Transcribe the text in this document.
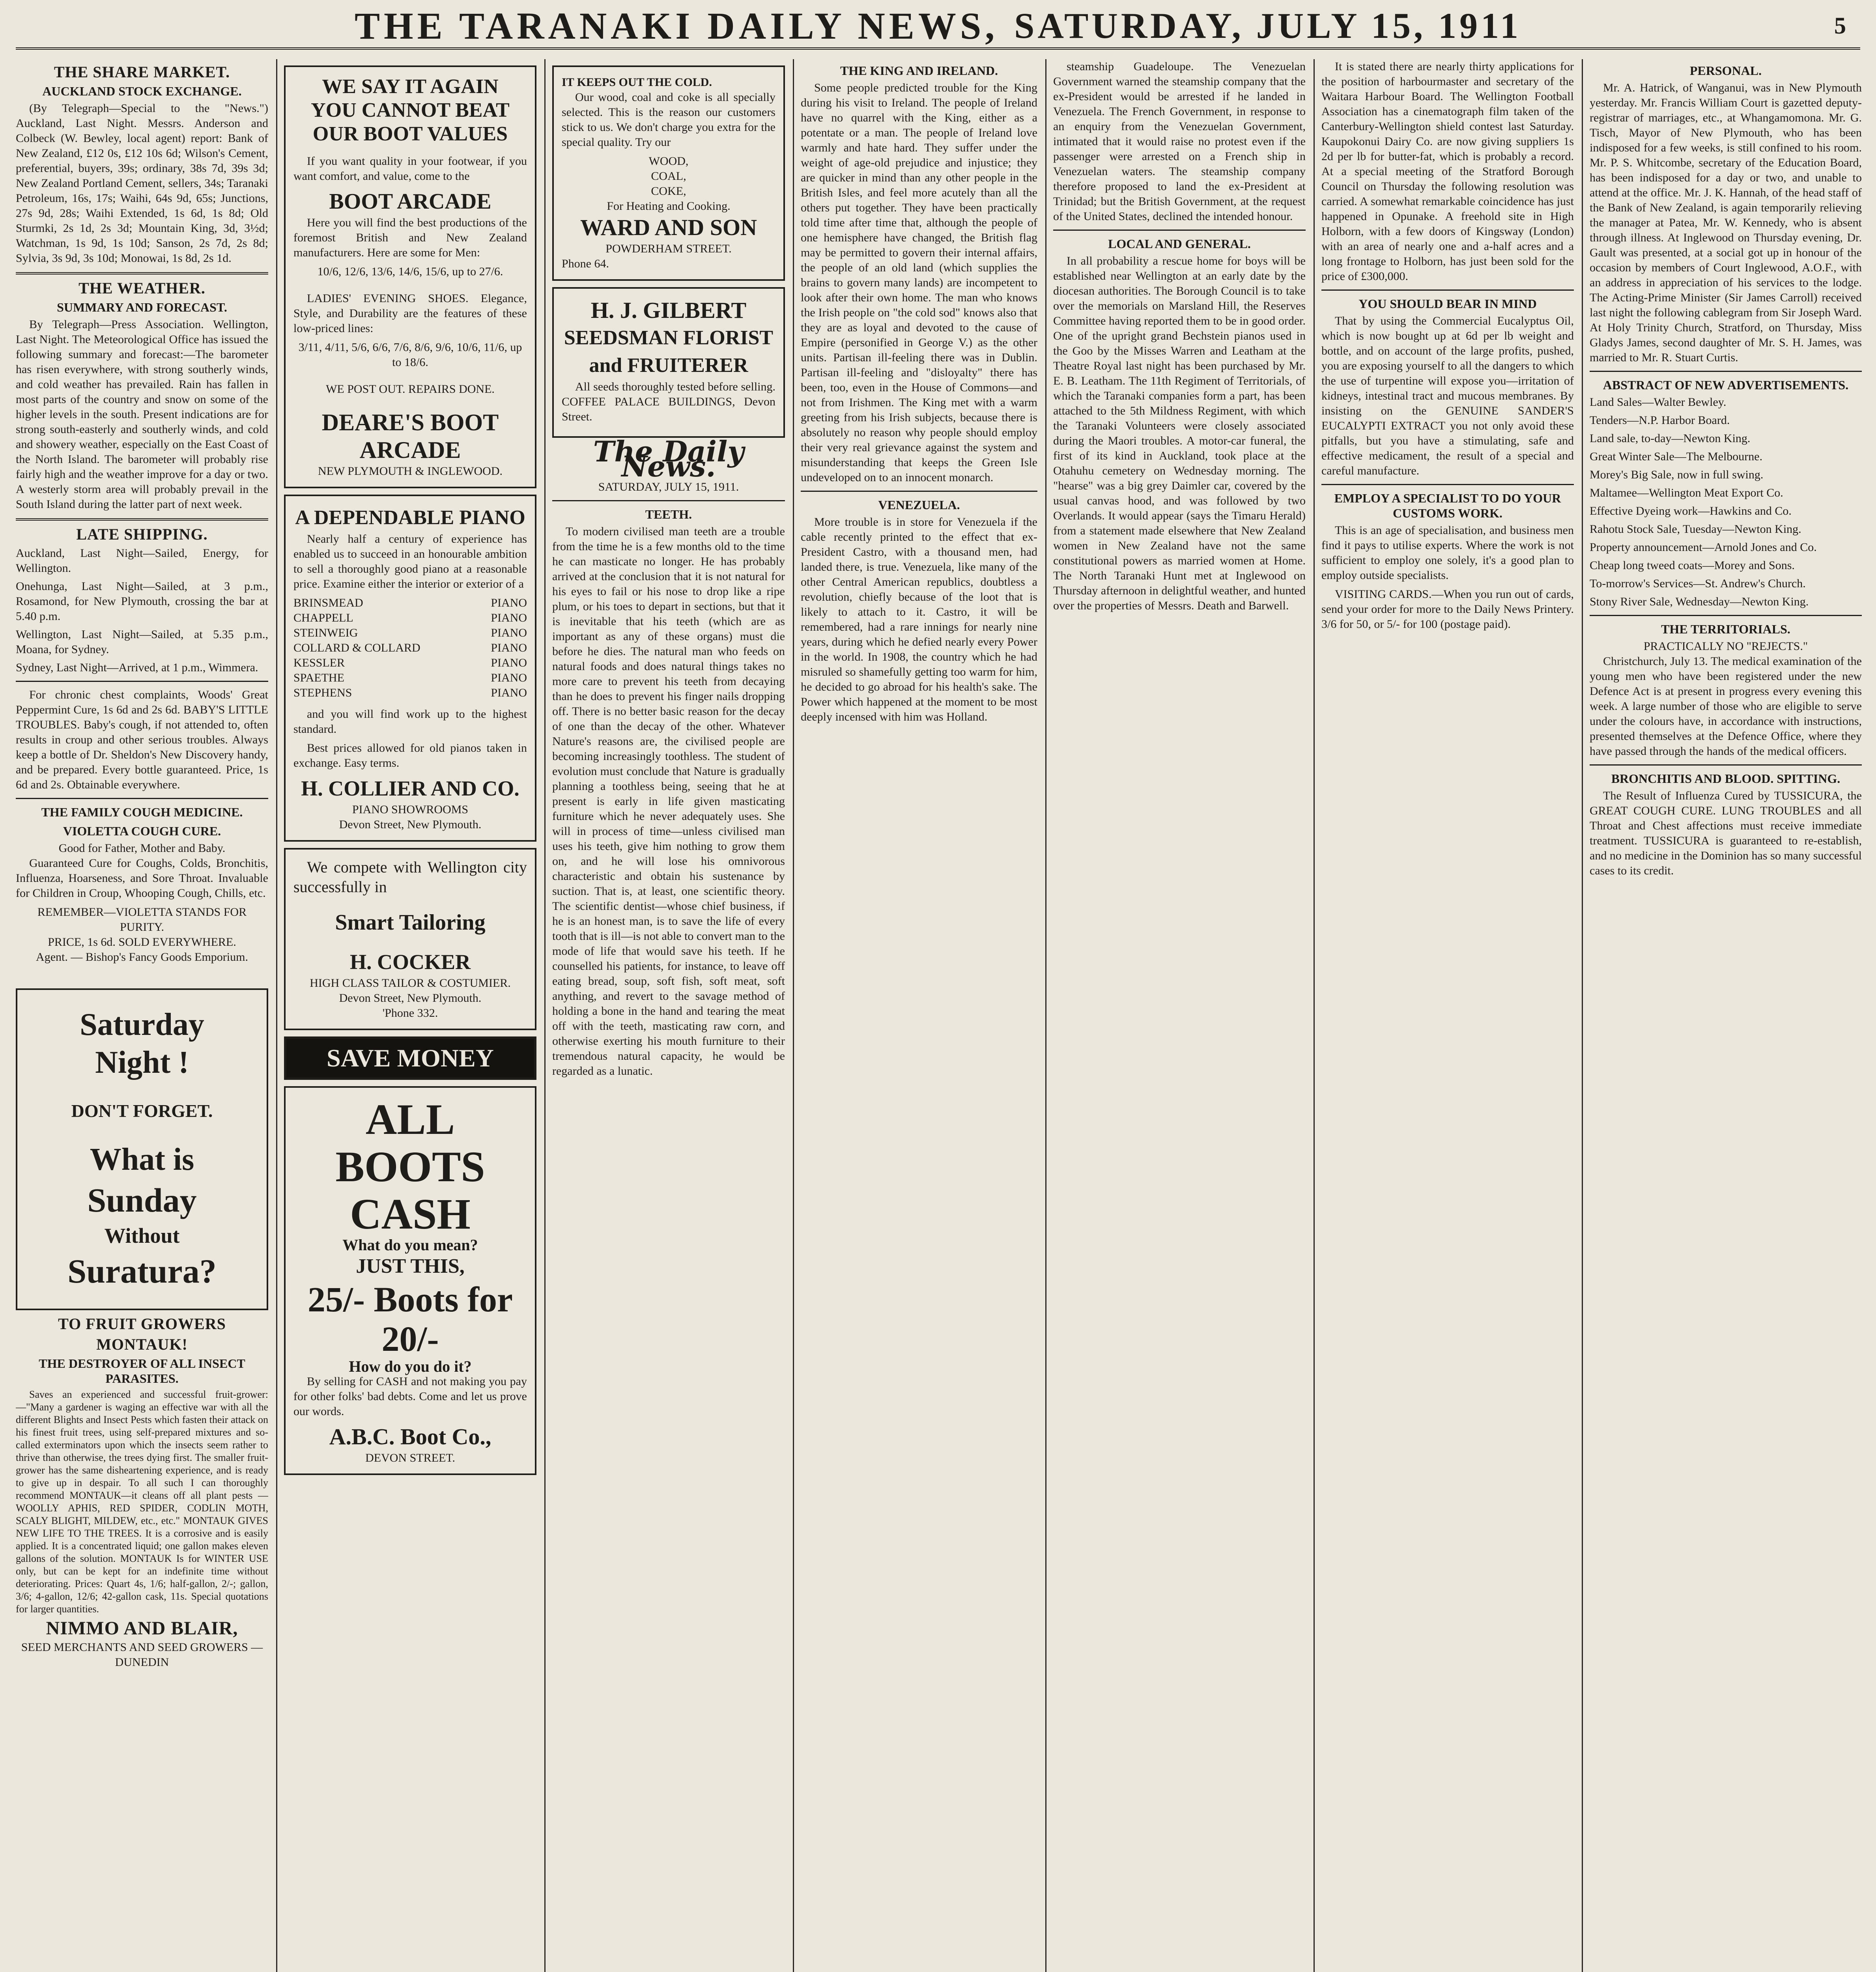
THE TARANAKI DAILY NEWS, SATURDAY, JULY 15, 1911	5
THE SHARE MARKET.
AUCKLAND STOCK EXCHANGE.

(By Telegraph—Special to the "News.") Auckland, Last Night. Messrs. Anderson and Colbeck (W. Bewley, local agent) report: Bank of New Zealand, £12 0s, £12 10s 6d; Wilson's Cement, preferential, buyers, 39s; ordinary, 38s 7d, 39s 3d; New Zealand Portland Cement, sellers, 34s; Taranaki Petroleum, 16s, 17s; Waihi, 64s 9d, 65s; Junctions, 27s 9d, 28s; Waihi Extended, 1s 6d, 1s 8d; Old Sturmki, 2s 1d, 2s 3d; Mountain King, 3d, 3½d; Watchman, 1s 9d, 1s 10d; Sanson, 2s 7d, 2s 8d; Sylvia, 3s 9d, 3s 10d; Monowai, 1s 8d, 2s 1d.

THE WEATHER.
SUMMARY AND FORECAST.

By Telegraph—Press Association. Wellington, Last Night. The Meteorological Office has issued the following summary and forecast:—The barometer has risen everywhere, with strong southerly winds, and cold weather has prevailed. Rain has fallen in most parts of the country and snow on some of the higher levels in the south. Present indications are for strong south-easterly and southerly winds, and cold and showery weather, especially on the East Coast of the North Island. The barometer will probably rise fairly high and the weather improve for a day or two. A westerly storm area will probably prevail in the South Island during the latter part of next week.

LATE SHIPPING.
Auckland, Last Night—Sailed, Energy, for Wellington.
Onehunga, Last Night—Sailed, at 3 p.m., Rosamond, for New Plymouth, crossing the bar at 5.40 p.m.
Wellington, Last Night—Sailed, at 5.35 p.m., Moana, for Sydney.
Sydney, Last Night—Arrived, at 1 p.m., Wimmera.

For chronic chest complaints, Woods' Great Peppermint Cure, 1s 6d and 2s 6d. BABY'S LITTLE TROUBLES. Baby's cough, if not attended to, often results in croup and other serious troubles. Always keep a bottle of Dr. Sheldon's New Discovery handy, and be prepared. Every bottle guaranteed. Price, 1s 6d and 2s. Obtainable everywhere.

THE FAMILY COUGH MEDICINE.
VIOLETTA COUGH CURE.
Good for Father, Mother and Baby.

Guaranteed Cure for Coughs, Colds, Bronchitis, Influenza, Hoarseness, and Sore Throat. Invaluable for Children in Croup, Whooping Cough, Chills, etc.

REMEMBER—VIOLETTA STANDS FOR PURITY.
PRICE, 1s 6d. SOLD EVERYWHERE.
Agent. — Bishop's Fancy Goods Emporium.
Saturday
Night !
DON'T FORGET.
What is
Sunday
Without
Suratura?
TO FRUIT GROWERS
MONTAUK!
THE DESTROYER OF ALL INSECT PARASITES.

Saves an experienced and successful fruit-grower:—"Many a gardener is waging an effective war with all the different Blights and Insect Pests which fasten their attack on his finest fruit trees, using self-prepared mixtures and so-called exterminators upon which the insects seem rather to thrive than otherwise, the trees dying first. The smaller fruit-grower has the same disheartening experience, and is ready to give up in despair. To all such I can thoroughly recommend MONTAUK—it cleans off all plant pests —WOOLLY APHIS, RED SPIDER, CODLIN MOTH, SCALY BLIGHT, MILDEW, etc., etc." MONTAUK GIVES NEW LIFE TO THE TREES. It is a corrosive and is easily applied. It is a concentrated liquid; one gallon makes eleven gallons of the solution. MONTAUK Is for WINTER USE only, but can be kept for an indefinite time without deteriorating. Prices: Quart 4s, 1/6; half-gallon, 2/-; gallon, 3/6; 4-gallon, 12/6; 42-gallon cask, 11s. Special quotations for larger quantities.

NIMMO AND BLAIR,
SEED MERCHANTS AND SEED GROWERS — DUNEDIN
WE SAY IT AGAIN
YOU CANNOT BEAT
OUR BOOT VALUES

If you want quality in your footwear, if you want comfort, and value, come to the

BOOT ARCADE

Here you will find the best productions of the foremost British and New Zealand manufacturers. Here are some for Men:

10/6, 12/6, 13/6, 14/6, 15/6, up to 27/6.

LADIES' EVENING SHOES. Elegance, Style, and Durability are the features of these low-priced lines:

3/11, 4/11, 5/6, 6/6, 7/6, 8/6, 9/6, 10/6, 11/6, up to 18/6.
WE POST OUT. REPAIRS DONE.
DEARE'S BOOT ARCADE
NEW PLYMOUTH & INGLEWOOD.
A DEPENDABLE PIANO

Nearly half a century of experience has enabled us to succeed in an honourable ambition to sell a thoroughly good piano at a reasonable price. Examine either the interior or exterior of a

BRINSMEAD	PIANO
CHAPPELL	PIANO
STEINWEIG	PIANO
COLLARD & COLLARD	PIANO
KESSLER	PIANO
SPAETHE	PIANO
STEPHENS	PIANO

and you will find work up to the highest standard.

Best prices allowed for old pianos taken in exchange. Easy terms.

H. COLLIER AND CO.
PIANO SHOWROOMS
Devon Street, New Plymouth.

We compete with Wellington city successfully in

Smart Tailoring
H. COCKER
HIGH CLASS TAILOR & COSTUMIER.
Devon Street, New Plymouth.
'Phone 332.
SAVE MONEY
ALL
BOOTS
CASH
What do you mean?
JUST THIS,
25/- Boots for 20/-
How do you do it?

By selling for CASH and not making you pay for other folks' bad debts. Come and let us prove our words.

A.B.C. Boot Co.,
DEVON STREET.
IT KEEPS OUT THE COLD.

Our wood, coal and coke is all specially selected. This is the reason our customers stick to us. We don't charge you extra for the special quality. Try our

WOOD,
COAL,
COKE,
For Heating and Cooking.
WARD AND SON
POWDERHAM STREET.
Phone 64.
H. J. GILBERT
SEEDSMAN FLORIST and FRUITERER

All seeds thoroughly tested before selling. COFFEE PALACE BUILDINGS, Devon Street.

The Daily News.
SATURDAY, JULY 15, 1911.
TEETH.

To modern civilised man teeth are a trouble from the time he is a few months old to the time he can masticate no longer. He has probably arrived at the conclusion that it is not natural for his eyes to fail or his nose to drop like a ripe plum, or his toes to depart in sections, but that it is inevitable that his teeth (which are as important as any of these organs) must die before he dies. The natural man who feeds on natural foods and does natural things takes no more care to prevent his teeth from decaying than he does to prevent his finger nails dropping off. There is no better basic reason for the decay of one than the decay of the other. Whatever Nature's reasons are, the civilised people are becoming increasingly toothless. The student of evolution must conclude that Nature is gradually planning a toothless being, seeing that he at present is early in life given masticating furniture which he never adequately uses. She will in process of time—unless civilised man uses his teeth, give him nothing to grow them on, and he will lose his omnivorous characteristic and obtain his sustenance by suction. That is, at least, one scientific theory. The scientific dentist—whose chief business, if he is an honest man, is to save the life of every tooth that is ill—is not able to convert man to the mode of life that would save his teeth. If he counselled his patients, for instance, to leave off eating bread, soup, soft fish, soft meat, soft anything, and revert to the savage method of holding a bone in the hand and tearing the meat off with the teeth, masticating raw corn, and otherwise exerting his mouth furniture to their tremendous natural capacity, he would be regarded as a lunatic.

THE KING AND IRELAND.

Some people predicted trouble for the King during his visit to Ireland. The people of Ireland have no quarrel with the King, either as a potentate or a man. The people of Ireland love warmly and hate hard. They suffer under the weight of age-old prejudice and injustice; they are quicker in mind than any other people in the British Isles, and feel more acutely than all the others put together. They have been practically told time after time that, although the people of one hemisphere have changed, the British flag may be permitted to govern their internal affairs, the people of an old land (which supplies the brains to govern many lands) are incompetent to look after their own home. The man who knows the Irish people on "the cold sod" knows also that they are as loyal and devoted to the cause of Empire (personified in George V.) as the other units. Partisan ill-feeling there was in Dublin. Partisan ill-feeling and "disloyalty" there has been, too, even in the House of Commons—and not from Irishmen. The King met with a warm greeting from his Irish subjects, because there is absolutely no reason why people should employ their very real grievance against the system and misunderstanding that keeps the Green Isle undeveloped on to an innocent monarch.

VENEZUELA.

More trouble is in store for Venezuela if the cable recently printed to the effect that ex-President Castro, with a thousand men, had landed there, is true. Venezuela, like many of the other Central American republics, doubtless a revolution, chiefly because of the loot that is likely to attach to it. Castro, it will be remembered, had a rare innings for nearly nine years, during which he defied nearly every Power in the world. In 1908, the country which he had misruled so shamefully getting too warm for him, he decided to go abroad for his health's sake. The Power which happened at the moment to be most deeply incensed with him was Holland.

steamship Guadeloupe. The Venezuelan Government warned the steamship company that the ex-President would be arrested if he landed in Venezuela. The French Government, in response to an enquiry from the Venezuelan Government, intimated that it would raise no protest even if the passenger were arrested on a French ship in Venezuelan waters. The steamship company therefore proposed to land the ex-President at Trinidad; but the British Government, at the request of the United States, declined the intended honour.

LOCAL AND GENERAL.

In all probability a rescue home for boys will be established near Wellington at an early date by the diocesan authorities. The Borough Council is to take over the memorials on Marsland Hill, the Reserves Committee having reported them to be in good order. One of the upright grand Bechstein pianos used in the Goo by the Misses Warren and Leatham at the Theatre Royal last night has been purchased by Mr. E. B. Leatham. The 11th Regiment of Territorials, of which the Taranaki companies form a part, has been attached to the 5th Mildness Regiment, with which the Taranaki Volunteers were closely associated during the Maori troubles. A motor-car funeral, the first of its kind in Auckland, took place at the Otahuhu cemetery on Wednesday morning. The "hearse" was a big grey Daimler car, covered by the usual canvas hood, and was followed by two Overlands. It would appear (says the Timaru Herald) from a statement made elsewhere that New Zealand women in New Zealand have not the same constitutional powers as married women at Home. The North Taranaki Hunt met at Inglewood on Thursday afternoon in delightful weather, and hunted over the properties of Messrs. Death and Barwell.

It is stated there are nearly thirty applications for the position of harbourmaster and secretary of the Waitara Harbour Board. The Wellington Football Association has a cinematograph film taken of the Canterbury-Wellington shield contest last Saturday. Kaupokonui Dairy Co. are now giving suppliers 1s 2d per lb for butter-fat, which is probably a record. At a special meeting of the Stratford Borough Council on Thursday the following resolution was carried. A somewhat remarkable coincidence has just happened in Opunake. A freehold site in High Holborn, with a few doors of Kingsway (London) with an area of nearly one and a-half acres and a long frontage to Holborn, has just been sold for the price of £300,000.

YOU SHOULD BEAR IN MIND

That by using the Commercial Eucalyptus Oil, which is now bought up at 6d per lb weight and bottle, and on account of the large profits, pushed, you are exposing yourself to all the dangers to which the use of turpentine will expose you—irritation of kidneys, intestinal tract and mucous membranes. By insisting on the GENUINE SANDER'S EUCALYPTI EXTRACT you not only avoid these pitfalls, but you have a stimulating, safe and effective medicament, the result of a special and careful manufacture.

EMPLOY A SPECIALIST TO DO YOUR CUSTOMS WORK.

This is an age of specialisation, and business men find it pays to utilise experts. Where the work is not sufficient to employ one solely, it's a good plan to employ outside specialists.

VISITING CARDS.—When you run out of cards, send your order for more to the Daily News Printery. 3/6 for 50, or 5/- for 100 (postage paid).

PERSONAL.

Mr. A. Hatrick, of Wanganui, was in New Plymouth yesterday. Mr. Francis William Court is gazetted deputy-registrar of marriages, etc., at Whangamomona. Mr. G. Tisch, Mayor of New Plymouth, who has been indisposed for a few weeks, is still confined to his room. Mr. P. S. Whitcombe, secretary of the Education Board, has been indisposed for a day or two, and unable to attend at the office. Mr. J. K. Hannah, of the head staff of the Bank of New Zealand, is again temporarily relieving the manager at Patea, Mr. W. Kennedy, who is absent through illness. At Inglewood on Thursday evening, Dr. Gault was presented, at a social got up in honour of the occasion by members of Court Inglewood, A.O.F., with an address in appreciation of his services to the lodge. The Acting-Prime Minister (Sir James Carroll) received last night the following cablegram from Sir Joseph Ward. At Holy Trinity Church, Stratford, on Thursday, Miss Gladys James, second daughter of Mr. S. H. James, was married to Mr. R. Stuart Curtis.

ABSTRACT OF NEW ADVERTISEMENTS.
Land Sales—Walter Bewley.
Tenders—N.P. Harbor Board.
Land sale, to-day—Newton King.
Great Winter Sale—The Melbourne.
Morey's Big Sale, now in full swing.
Maltamee—Wellington Meat Export Co.
Effective Dyeing work—Hawkins and Co.
Rahotu Stock Sale, Tuesday—Newton King.
Property announcement—Arnold Jones and Co.
Cheap long tweed coats—Morey and Sons.
To-morrow's Services—St. Andrew's Church.
Stony River Sale, Wednesday—Newton King.
THE TERRITORIALS.
PRACTICALLY NO "REJECTS."

Christchurch, July 13. The medical examination of the young men who have been registered under the new Defence Act is at present in progress every evening this week. A large number of those who are eligible to serve under the colours have, in accordance with instructions, presented themselves at the Defence Office, where they have passed through the hands of the medical officers.

BRONCHITIS AND BLOOD. SPITTING.

The Result of Influenza Cured by TUSSICURA, the GREAT COUGH CURE. LUNG TROUBLES and all Throat and Chest affections must receive immediate treatment. TUSSICURA is guaranteed to re-establish, and no medicine in the Dominion has so many successful cases to its credit.
